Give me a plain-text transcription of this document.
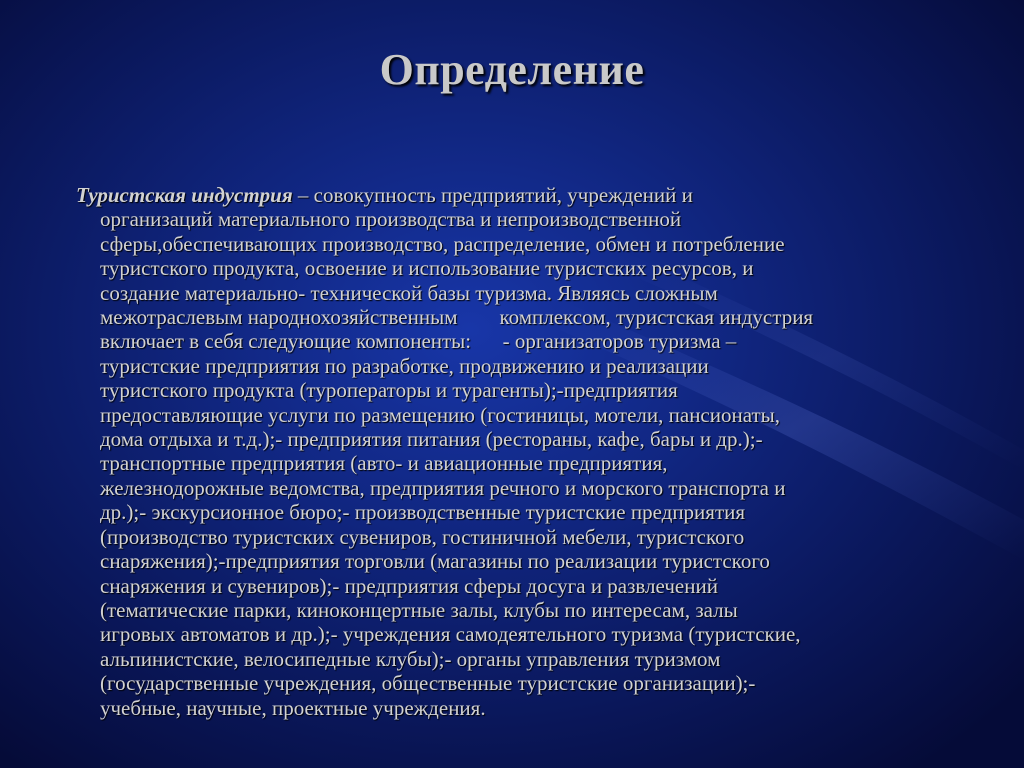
Определение
Туристская индустрия – совокупность предприятий, учреждений и
организаций материального производства и непроизводственной
сферы,обеспечивающих производство, распределение, обмен и потребление
туристского продукта, освоение и использование туристских ресурсов, и
создание материально- технической базы туризма. Являясь сложным
межотраслевым народнохозяйственным        комплексом, туристская индустрия
включает в себя следующие компоненты:      - организаторов туризма –
туристские предприятия по разработке, продвижению и реализации
туристского продукта (туроператоры и турагенты);-предприятия
предоставляющие услуги по размещению (гостиницы, мотели, пансионаты,
дома отдыха и т.д.);- предприятия питания (рестораны, кафе, бары и др.);-
транспортные предприятия (авто- и авиационные предприятия,
железнодорожные ведомства, предприятия речного и морского транспорта и
др.);- экскурсионное бюро;- производственные туристские предприятия
(производство туристских сувениров, гостиничной мебели, туристского
снаряжения);-предприятия торговли (магазины по реализации туристского
снаряжения и сувениров);- предприятия сферы досуга и развлечений
(тематические парки, киноконцертные залы, клубы по интересам, залы
игровых автоматов и др.);- учреждения самодеятельного туризма (туристские,
альпинистские, велосипедные клубы);- органы управления туризмом
(государственные учреждения, общественные туристские организации);-
учебные, научные, проектные учреждения.
